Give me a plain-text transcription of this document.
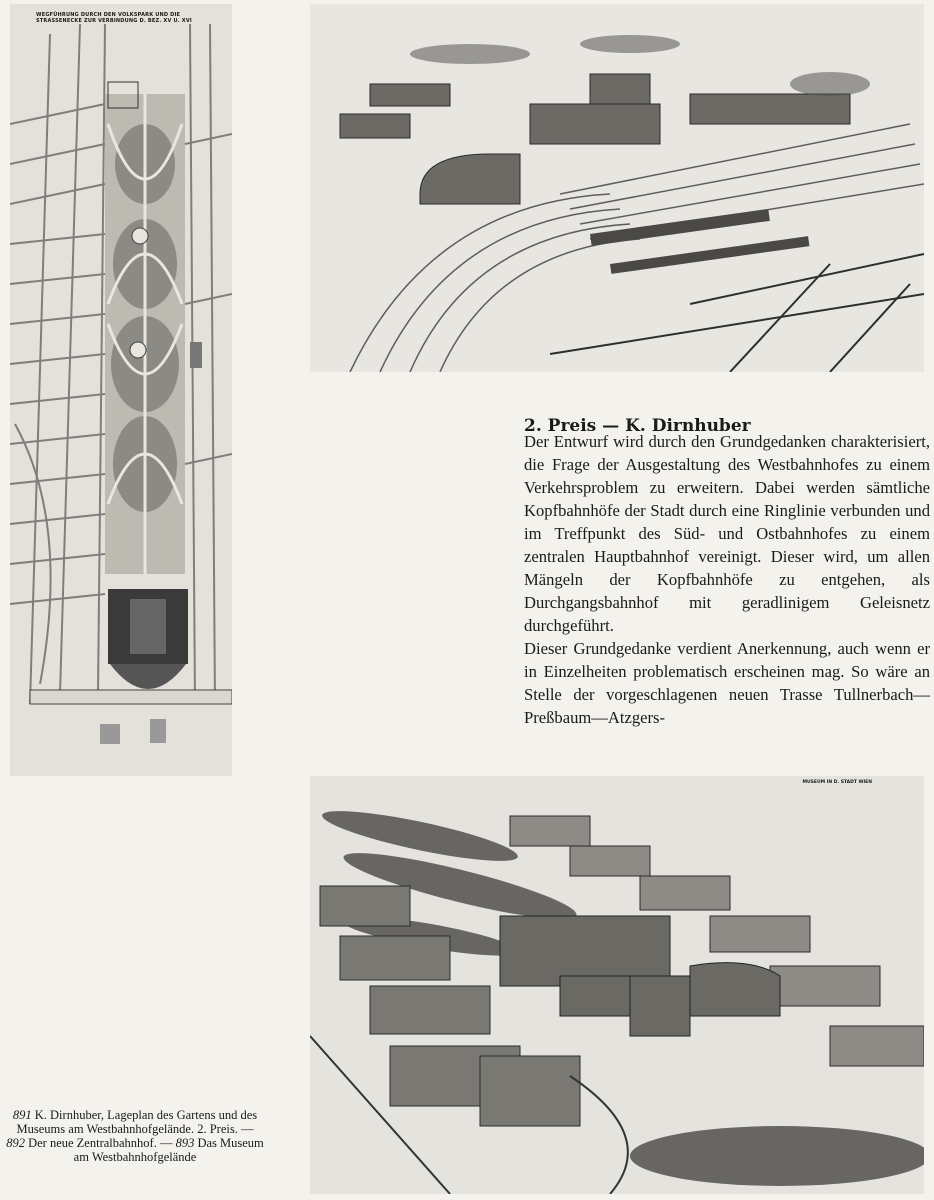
WEGFÜHRUNG DURCH DEN VOLKSPARK UND DIE
STRASSENECKE ZUR VERBINDUNG D. BEZ. XV U. XVI
2. Preis — K. Dirnhuber

Der Entwurf wird durch den Grundgedanken charakterisiert, die Frage der Ausgestaltung des Westbahnhofes zu einem Verkehrsproblem zu erweitern. Dabei werden sämtliche Kopfbahnhöfe der Stadt durch eine Ringlinie verbunden und im Treffpunkt des Süd- und Ostbahnhofes zu einem zentralen Hauptbahnhof vereinigt. Dieser wird, um allen Mängeln der Kopfbahnhöfe zu entgehen, als Durchgangsbahnhof mit geradlinigem Geleisnetz durchgeführt.

Dieser Grundgedanke verdient Anerkennung, auch wenn er in Einzelheiten problematisch erscheinen mag. So wäre an Stelle der vorgeschlagenen neuen Trasse Tullnerbach—Preßbaum—Atzgers-

MUSEUM IN D. STADT WIEN
891 K. Dirnhuber, Lageplan des Gartens und des Museums am Westbahnhofgelände. 2. Preis. — 892 Der neue Zentralbahnhof. — 893 Das Museum am Westbahnhofgelände
